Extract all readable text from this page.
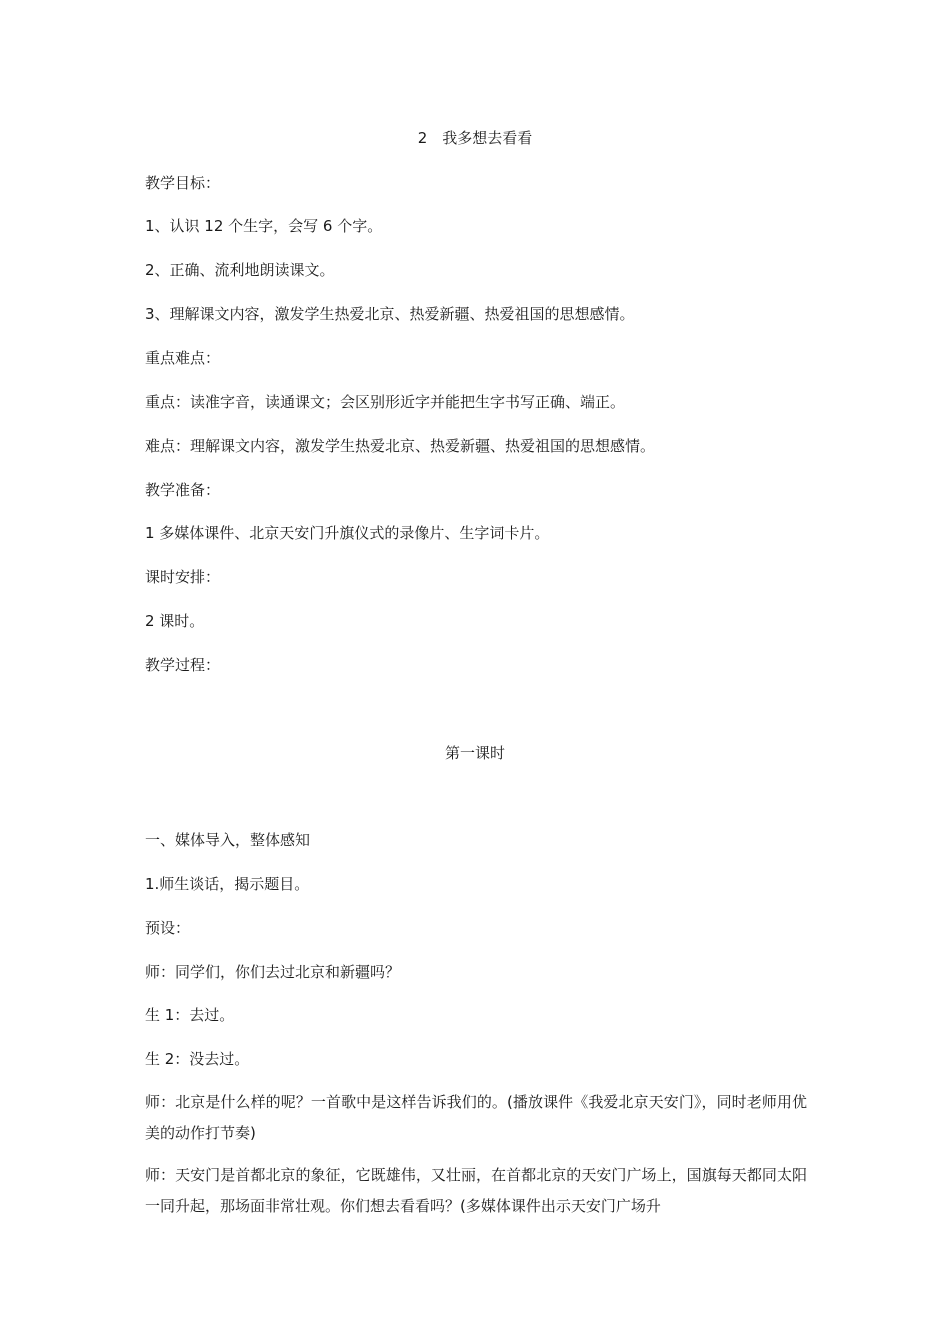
2　我多想去看看
教学目标：
1、认识 12 个生字，会写 6 个字。
2、正确、流利地朗读课文。
3、理解课文内容，激发学生热爱北京、热爱新疆、热爱祖国的思想感情。
重点难点：
重点：读准字音，读通课文；会区别形近字并能把生字书写正确、端正。
难点：理解课文内容，激发学生热爱北京、热爱新疆、热爱祖国的思想感情。
教学准备：
1 多媒体课件、北京天安门升旗仪式的录像片、生字词卡片。
课时安排：
2 课时。
教学过程：
第一课时
一、媒体导入，整体感知
1.师生谈话，揭示题目。
预设：
师：同学们，你们去过北京和新疆吗？
生 1：去过。
生 2：没去过。
师：北京是什么样的呢？一首歌中是这样告诉我们的。(播放课件《我爱北京天安门》，同时老师用优美的动作打节奏)
师：天安门是首都北京的象征，它既雄伟，又壮丽，在首都北京的天安门广场上，国旗每天都同太阳一同升起，那场面非常壮观。你们想去看看吗？(多媒体课件出示天安门广场升
